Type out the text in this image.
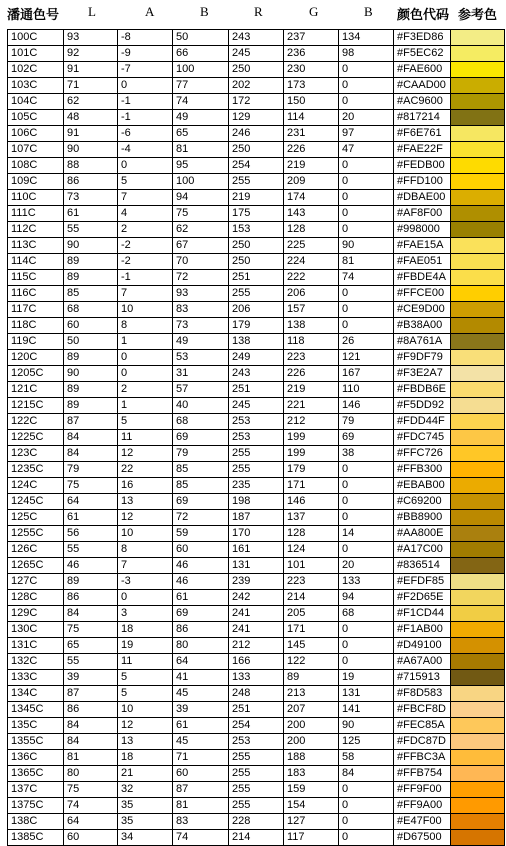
潘通色号 L	A	B	R	G	B 颜色代码 参考色
100C	93	-8	50	243	237	134	#F3ED86	
101C	92	-9	66	245	236	98	#F5EC62	
102C	91	-7	100	250	230	0	#FAE600	
103C	71	0	77	202	173	0	#CAAD00	
104C	62	-1	74	172	150	0	#AC9600	
105C	48	-1	49	129	114	20	#817214	
106C	91	-6	65	246	231	97	#F6E761	
107C	90	-4	81	250	226	47	#FAE22F	
108C	88	0	95	254	219	0	#FEDB00	
109C	86	5	100	255	209	0	#FFD100	
110C	73	7	94	219	174	0	#DBAE00	
111C	61	4	75	175	143	0	#AF8F00	
112C	55	2	62	153	128	0	#998000	
113C	90	-2	67	250	225	90	#FAE15A	
114C	89	-2	70	250	224	81	#FAE051	
115C	89	-1	72	251	222	74	#FBDE4A	
116C	85	7	93	255	206	0	#FFCE00	
117C	68	10	83	206	157	0	#CE9D00	
118C	60	8	73	179	138	0	#B38A00	
119C	50	1	49	138	118	26	#8A761A	
120C	89	0	53	249	223	121	#F9DF79	
1205C	90	0	31	243	226	167	#F3E2A7	
121C	89	2	57	251	219	110	#FBDB6E	
1215C	89	1	40	245	221	146	#F5DD92	
122C	87	5	68	253	212	79	#FDD44F	
1225C	84	11	69	253	199	69	#FDC745	
123C	84	12	79	255	199	38	#FFC726	
1235C	79	22	85	255	179	0	#FFB300	
124C	75	16	85	235	171	0	#EBAB00	
1245C	64	13	69	198	146	0	#C69200	
125C	61	12	72	187	137	0	#BB8900	
1255C	56	10	59	170	128	14	#AA800E	
126C	55	8	60	161	124	0	#A17C00	
1265C	46	7	46	131	101	20	#836514	
127C	89	-3	46	239	223	133	#EFDF85	
128C	86	0	61	242	214	94	#F2D65E	
129C	84	3	69	241	205	68	#F1CD44	
130C	75	18	86	241	171	0	#F1AB00	
131C	65	19	80	212	145	0	#D49100	
132C	55	11	64	166	122	0	#A67A00	
133C	39	5	41	133	89	19	#715913	
134C	87	5	45	248	213	131	#F8D583	
1345C	86	10	39	251	207	141	#FBCF8D	
135C	84	12	61	254	200	90	#FEC85A	
1355C	84	13	45	253	200	125	#FDC87D	
136C	81	18	71	255	188	58	#FFBC3A	
1365C	80	21	60	255	183	84	#FFB754	
137C	75	32	87	255	159	0	#FF9F00	
1375C	74	35	81	255	154	0	#FF9A00	
138C	64	35	83	228	127	0	#E47F00	
1385C	60	34	74	214	117	0	#D67500	
